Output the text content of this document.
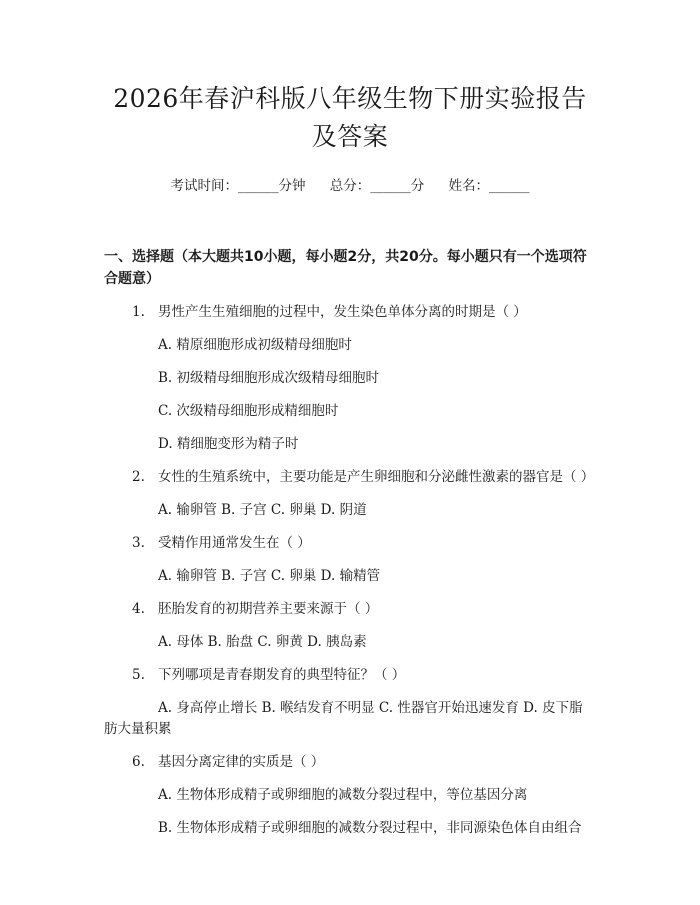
2026年春沪科版八年级生物下册实验报告及答案
考试时间：______分钟 总分：______分 姓名：______
一、选择题（本大题共10小题，每小题2分，共20分。每小题只有一个选项符合题意）
1. 男性产生生殖细胞的过程中，发生染色单体分离的时期是（ ）
A. 精原细胞形成初级精母细胞时
B. 初级精母细胞形成次级精母细胞时
C. 次级精母细胞形成精细胞时
D. 精细胞变形为精子时
2. 女性的生殖系统中，主要功能是产生卵细胞和分泌雌性激素的器官是（ ）
A. 输卵管 B. 子宫 C. 卵巢 D. 阴道
3. 受精作用通常发生在（ ）
A. 输卵管 B. 子宫 C. 卵巢 D. 输精管
4. 胚胎发育的初期营养主要来源于（ ）
A. 母体 B. 胎盘 C. 卵黄 D. 胰岛素
5. 下列哪项是青春期发育的典型特征？（ ）
A. 身高停止增长 B. 喉结发育不明显 C. 性器官开始迅速发育 D. 皮下脂肪大量积累
6. 基因分离定律的实质是（ ）
A. 生物体形成精子或卵细胞的减数分裂过程中，等位基因分离
B. 生物体形成精子或卵细胞的减数分裂过程中，非同源染色体自由组合
